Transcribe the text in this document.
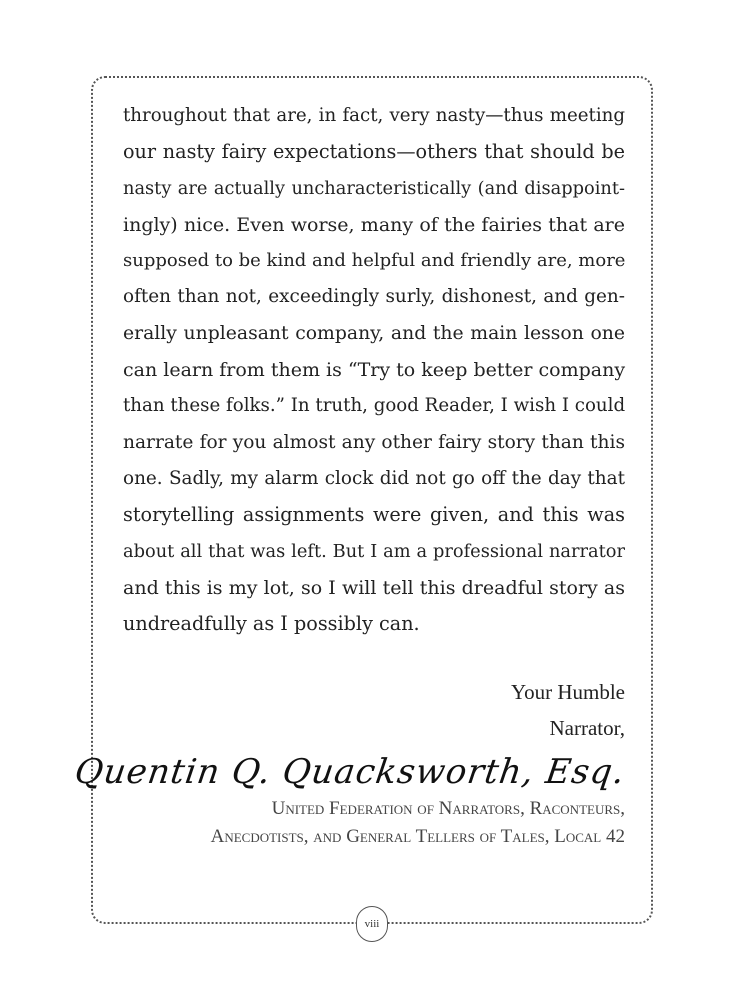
throughout that are, in fact, very nasty—thus meeting
our nasty fairy expectations—others that should be
nasty are actually uncharacteristically (and disappoint-
ingly) nice. Even worse, many of the fairies that are
supposed to be kind and helpful and friendly are, more
often than not, exceedingly surly, dishonest, and gen-
erally unpleasant company, and the main lesson one
can learn from them is “Try to keep better company
than these folks.” In truth, good Reader, I wish I could
narrate for you almost any other fairy story than this
one. Sadly, my alarm clock did not go off the day that
storytelling assignments were given, and this was
about all that was left. But I am a professional narrator
and this is my lot, so I will tell this dreadful story as
undreadfully as I possibly can.
Your Humble
Narrator,
Quentin Q. Quacksworth, Esq.
United Federation of Narrators, Raconteurs,
Anecdotists, and General Tellers of Tales, Local 42
viii
